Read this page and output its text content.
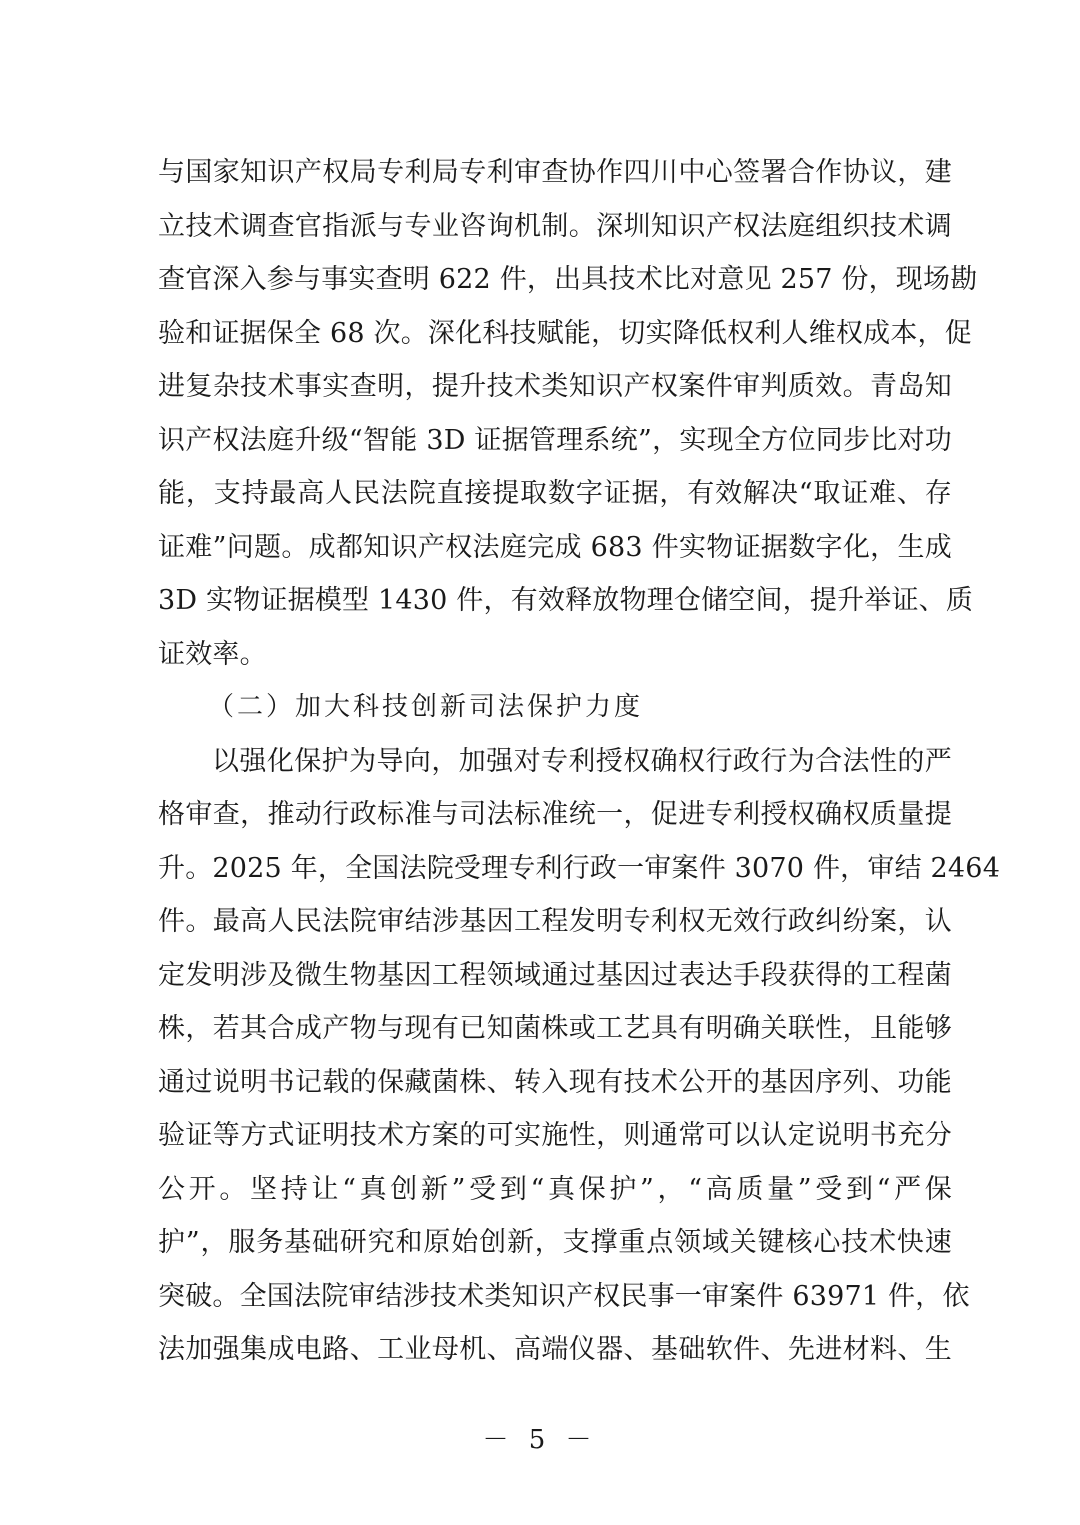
与国家知识产权局专利局专利审查协作四川中心签署合作协议，建
立技术调查官指派与专业咨询机制。深圳知识产权法庭组织技术调
查官深入参与事实查明 622 件，出具技术比对意见 257 份，现场勘
验和证据保全 68 次。深化科技赋能，切实降低权利人维权成本，促
进复杂技术事实查明，提升技术类知识产权案件审判质效。青岛知
识产权法庭升级“智能 3D 证据管理系统”，实现全方位同步比对功
能，支持最高人民法院直接提取数字证据，有效解决“取证难、存
证难”问题。成都知识产权法庭完成 683 件实物证据数字化，生成
3D 实物证据模型 1430 件，有效释放物理仓储空间，提升举证、质
证效率。
（二）加大科技创新司法保护力度
以强化保护为导向，加强对专利授权确权行政行为合法性的严
格审查，推动行政标准与司法标准统一，促进专利授权确权质量提
升。2025 年，全国法院受理专利行政一审案件 3070 件，审结 2464
件。最高人民法院审结涉基因工程发明专利权无效行政纠纷案，认
定发明涉及微生物基因工程领域通过基因过表达手段获得的工程菌
株，若其合成产物与现有已知菌株或工艺具有明确关联性，且能够
通过说明书记载的保藏菌株、转入现有技术公开的基因序列、功能
验证等方式证明技术方案的可实施性，则通常可以认定说明书充分
公开。坚持让“真创新”受到“真保护”，“高质量”受到“严保
护”，服务基础研究和原始创新，支撑重点领域关键核心技术快速
突破。全国法院审结涉技术类知识产权民事一审案件 63971 件，依
法加强集成电路、工业母机、高端仪器、基础软件、先进材料、生
－ 5 －
